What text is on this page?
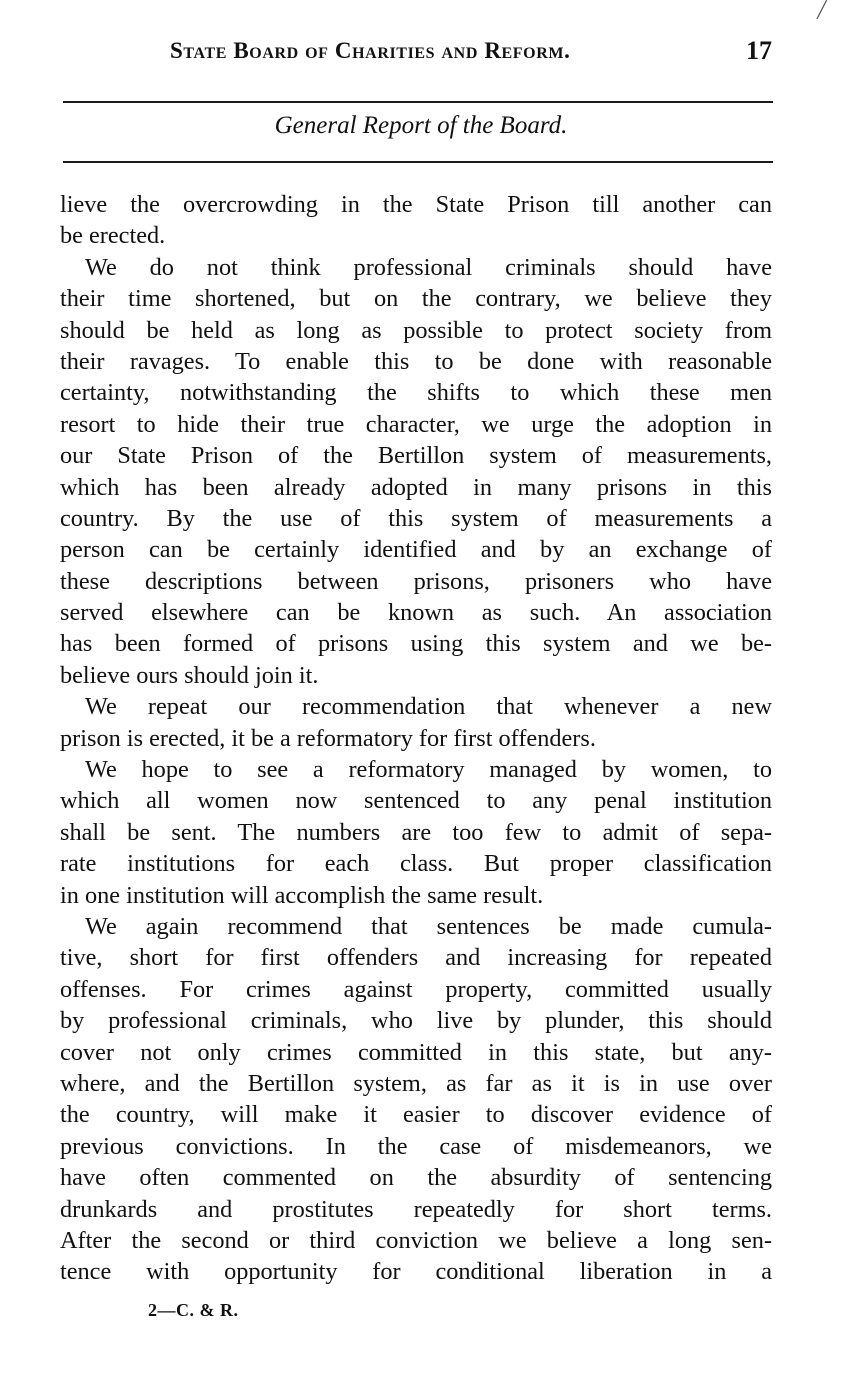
State Board of Charities and Reform.	17
General Report of the Board.
lieve the overcrowding in the State Prison till another can
be erected.
We do not think professional criminals should have
their time shortened, but on the contrary, we believe they
should be held as long as possible to protect society from
their ravages. To enable this to be done with reasonable
certainty, notwithstanding the shifts to which these men
resort to hide their true character, we urge the adoption in
our State Prison of the Bertillon system of measurements,
which has been already adopted in many prisons in this
country. By the use of this system of measurements a
person can be certainly identified and by an exchange of
these descriptions between prisons, prisoners who have
served elsewhere can be known as such. An association
has been formed of prisons using this system and we be-
believe ours should join it.
We repeat our recommendation that whenever a new
prison is erected, it be a reformatory for first offenders.
We hope to see a reformatory managed by women, to
which all women now sentenced to any penal institution
shall be sent. The numbers are too few to admit of sepa-
rate institutions for each class. But proper classification
in one institution will accomplish the same result.
We again recommend that sentences be made cumula-
tive, short for first offenders and increasing for repeated
offenses. For crimes against property, committed usually
by professional criminals, who live by plunder, this should
cover not only crimes committed in this state, but any-
where, and the Bertillon system, as far as it is in use over
the country, will make it easier to discover evidence of
previous convictions. In the case of misdemeanors, we
have often commented on the absurdity of sentencing
drunkards and prostitutes repeatedly for short terms.
After the second or third conviction we believe a long sen-
tence with opportunity for conditional liberation in a
2—C. & R.
╱
